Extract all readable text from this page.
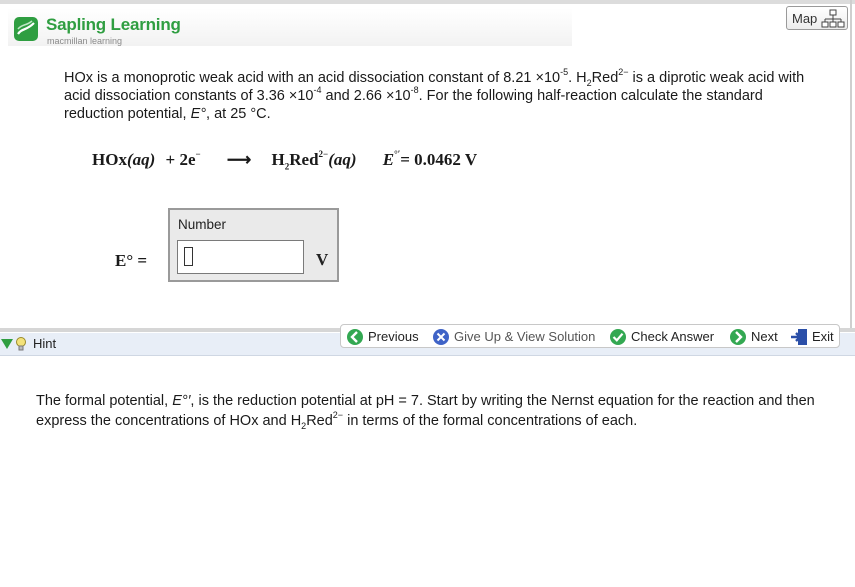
Sapling Learning
macmillan learning
Map

HOx is a monoprotic weak acid with an acid dissociation constant of $8.21 \times 10^{-5}$. $H_2Red^{2-}$ is a diprotic weak acid with acid dissociation constants of $3.36 \times 10^{-4}$ and $2.66 \times 10^{-8}$. For the following half-reaction calculate the standard reduction potential, E°, at 25 °C.

HOx(aq) + 2e− ⟶ $H_2Red^{2-}(aq)$ E°′= 0.0462 V
E° =
Number
V
Hint	Previous	Give Up & View Solution	Check Answer	Next	Exit

The formal potential, E°′, is the reduction potential at pH = 7. Start by writing the Nernst equation for the reaction and then express the concentrations of HOx and $H_2Red^{2-}$ in terms of the formal concentrations of each.
